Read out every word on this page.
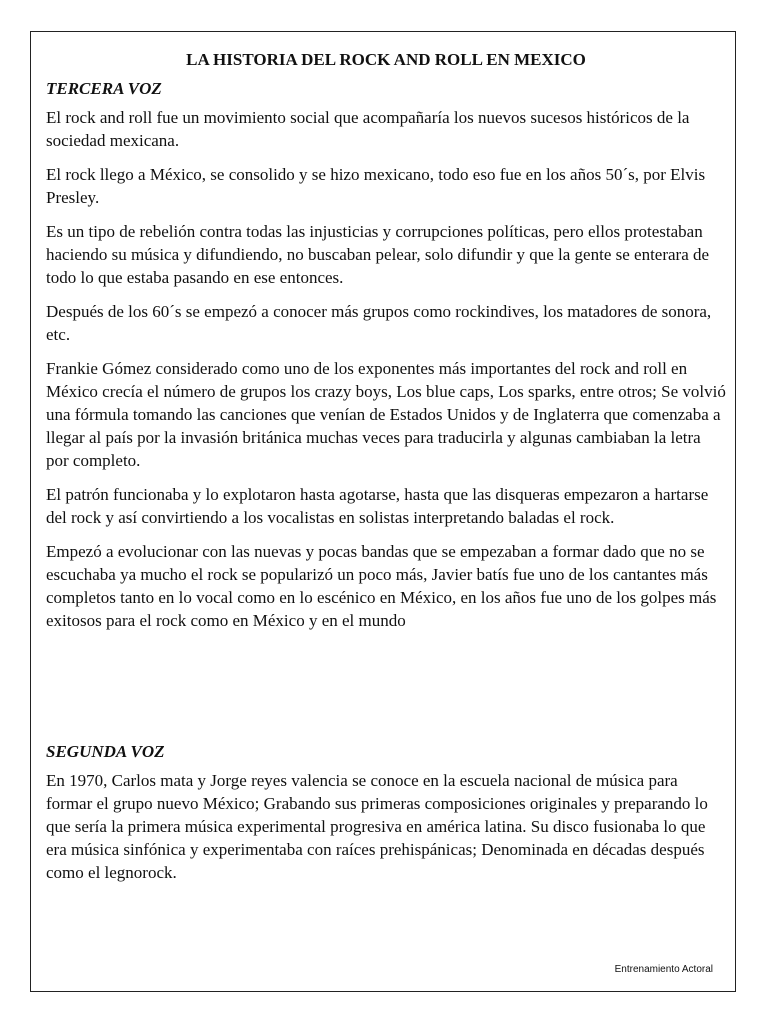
LA HISTORIA DEL ROCK AND ROLL EN MEXICO

TERCERA VOZ

El rock and roll fue un movimiento social que acompañaría los nuevos sucesos históricos de la sociedad mexicana.

El rock llego a México, se consolido y se hizo mexicano, todo eso fue en los años 50´s, por Elvis Presley.

Es un tipo de rebelión contra todas las injusticias y corrupciones políticas, pero ellos protestaban haciendo su música y difundiendo, no buscaban pelear, solo difundir y que la gente se enterara de todo lo que estaba pasando en ese entonces.

Después de los 60´s se empezó a conocer más grupos como rockindives, los matadores de sonora, etc.

Frankie Gómez considerado como uno de los exponentes más importantes del rock and roll en México crecía el número de grupos los crazy boys, Los blue caps, Los sparks, entre otros; Se volvió una fórmula tomando las canciones que venían de Estados Unidos y de Inglaterra que comenzaba a llegar al país por la invasión británica muchas veces para traducirla y algunas cambiaban la letra por completo.

El patrón funcionaba y lo explotaron hasta agotarse, hasta que las disqueras empezaron a hartarse del rock y así convirtiendo a los vocalistas en solistas interpretando baladas el rock.

Empezó a evolucionar con las nuevas y pocas bandas que se empezaban a formar dado que no se escuchaba ya mucho el rock se popularizó un poco más, Javier batís fue uno de los cantantes más completos tanto en lo vocal como en lo escénico en México, en los años fue uno de los golpes más exitosos para el rock como en México y en el mundo

SEGUNDA VOZ

En 1970, Carlos mata y Jorge reyes valencia se conoce en la escuela nacional de música para formar el grupo nuevo México; Grabando sus primeras composiciones originales y preparando lo que sería la primera música experimental progresiva en américa latina. Su disco fusionaba lo que era música sinfónica y experimentaba con raíces prehispánicas; Denominada en décadas después como el legnorock.

Entrenamiento Actoral
